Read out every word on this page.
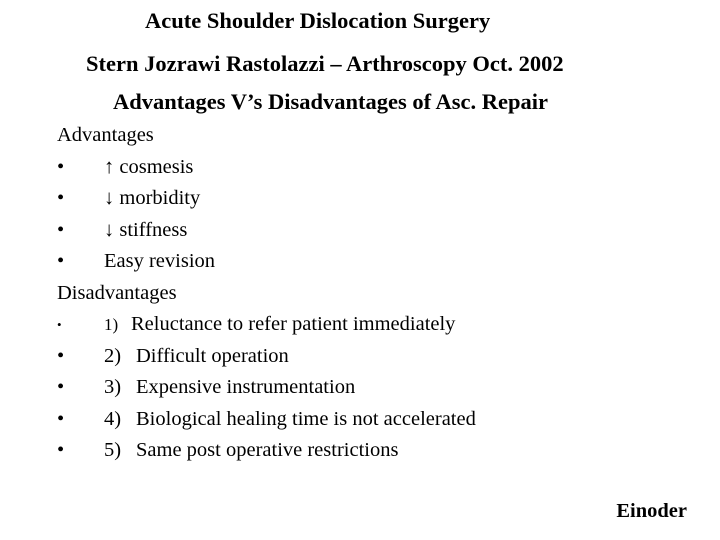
Acute Shoulder Dislocation Surgery
Stern Jozrawi Rastolazzi – Arthroscopy Oct. 2002
Advantages V’s Disadvantages of Asc. Repair
Advantages
•	↑ cosmesis
•	↓ morbidity
•	↓ stiffness
•	Easy revision
Disadvantages
•	1) Reluctance to refer patient immediately
•	2) Difficult operation
•	3) Expensive instrumentation
•	4) Biological healing time is not accelerated
•	5) Same post operative restrictions
Einoder
